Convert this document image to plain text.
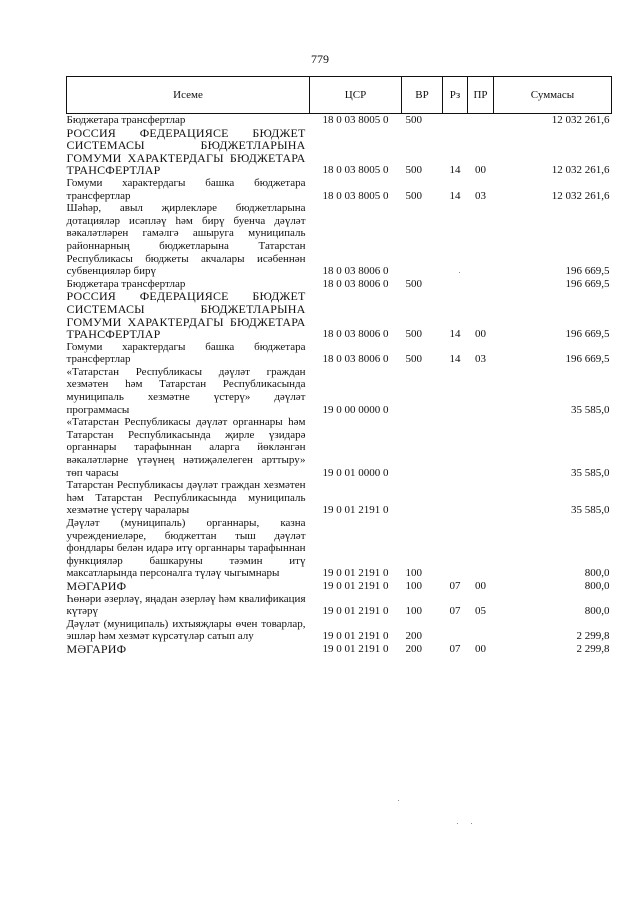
779
Исеме	ЦСР	ВР	Рз	ПР	Суммасы
Бюджетара трансфертлар	18 0 03 8005 0	500			12 032 261,6
РОССИЯ ФЕДЕРАЦИЯСЕ БЮДЖЕТ СИСТЕМАСЫ БЮДЖЕТЛАРЫНА ГОМУМИ ХАРАКТЕРДАГЫ БЮДЖЕТАРА ТРАНСФЕРТЛАР	18 0 03 8005 0	500	14	00	12 032 261,6
Гомуми характердагы башка бюджетара трансфертлар	18 0 03 8005 0	500	14	03	12 032 261,6
Шәһәр, авыл җирлекләре бюджетларына дотацияләр исәпләү һәм бирү буенча дәүләт вәкаләтләрен гамәлгә ашыруга муниципаль районнарның бюджетларына Татарстан Республикасы бюджеты акчалары исәбеннән субвенцияләр бирү	18 0 03 8006 0				196 669,5
Бюджетара трансфертлар	18 0 03 8006 0	500			196 669,5
РОССИЯ ФЕДЕРАЦИЯСЕ БЮДЖЕТ СИСТЕМАСЫ БЮДЖЕТЛАРЫНА ГОМУМИ ХАРАКТЕРДАГЫ БЮДЖЕТАРА ТРАНСФЕРТЛАР	18 0 03 8006 0	500	14	00	196 669,5
Гомуми характердагы башка бюджетара трансфертлар	18 0 03 8006 0	500	14	03	196 669,5
«Татарстан Республикасы дәүләт граждан хезмәтен һәм Татарстан Республикасында муниципаль хезмәтне үстерү» дәүләт программасы	19 0 00 0000 0				35 585,0
«Татарстан Республикасы дәүләт органнары һәм Татарстан Республикасында җирле үзидарә органнары тарафыннан аларга йөкләнгән вәкаләтләрне үтәүнең нәтиҗәлелеген арттыру» төп чарасы	19 0 01 0000 0				35 585,0
Татарстан Республикасы дәүләт граждан хезмәтен һәм Татарстан Республикасында муниципаль хезмәтне үстерү чаралары	19 0 01 2191 0				35 585,0
Дәүләт (муниципаль) органнары, казна учреждениеләре, бюджеттан тыш дәүләт фондлары белән идарә итү органнары тарафыннан функцияләр башкаруны тәэмин итү максатларында персоналга түләү чыгымнары	19 0 01 2191 0	100			800,0
МӘГАРИФ	19 0 01 2191 0	100	07	00	800,0
Һөнәри әзерләү, яңадан әзерләү һәм квалификация күтәрү	19 0 01 2191 0	100	07	05	800,0
Дәүләт (муниципаль) ихтыяҗлары өчен товарлар, эшләр һәм хезмәт күрсәтүләр сатып алу	19 0 01 2191 0	200			2 299,8
МӘГАРИФ	19 0 01 2191 0	200	07	00	2 299,8
